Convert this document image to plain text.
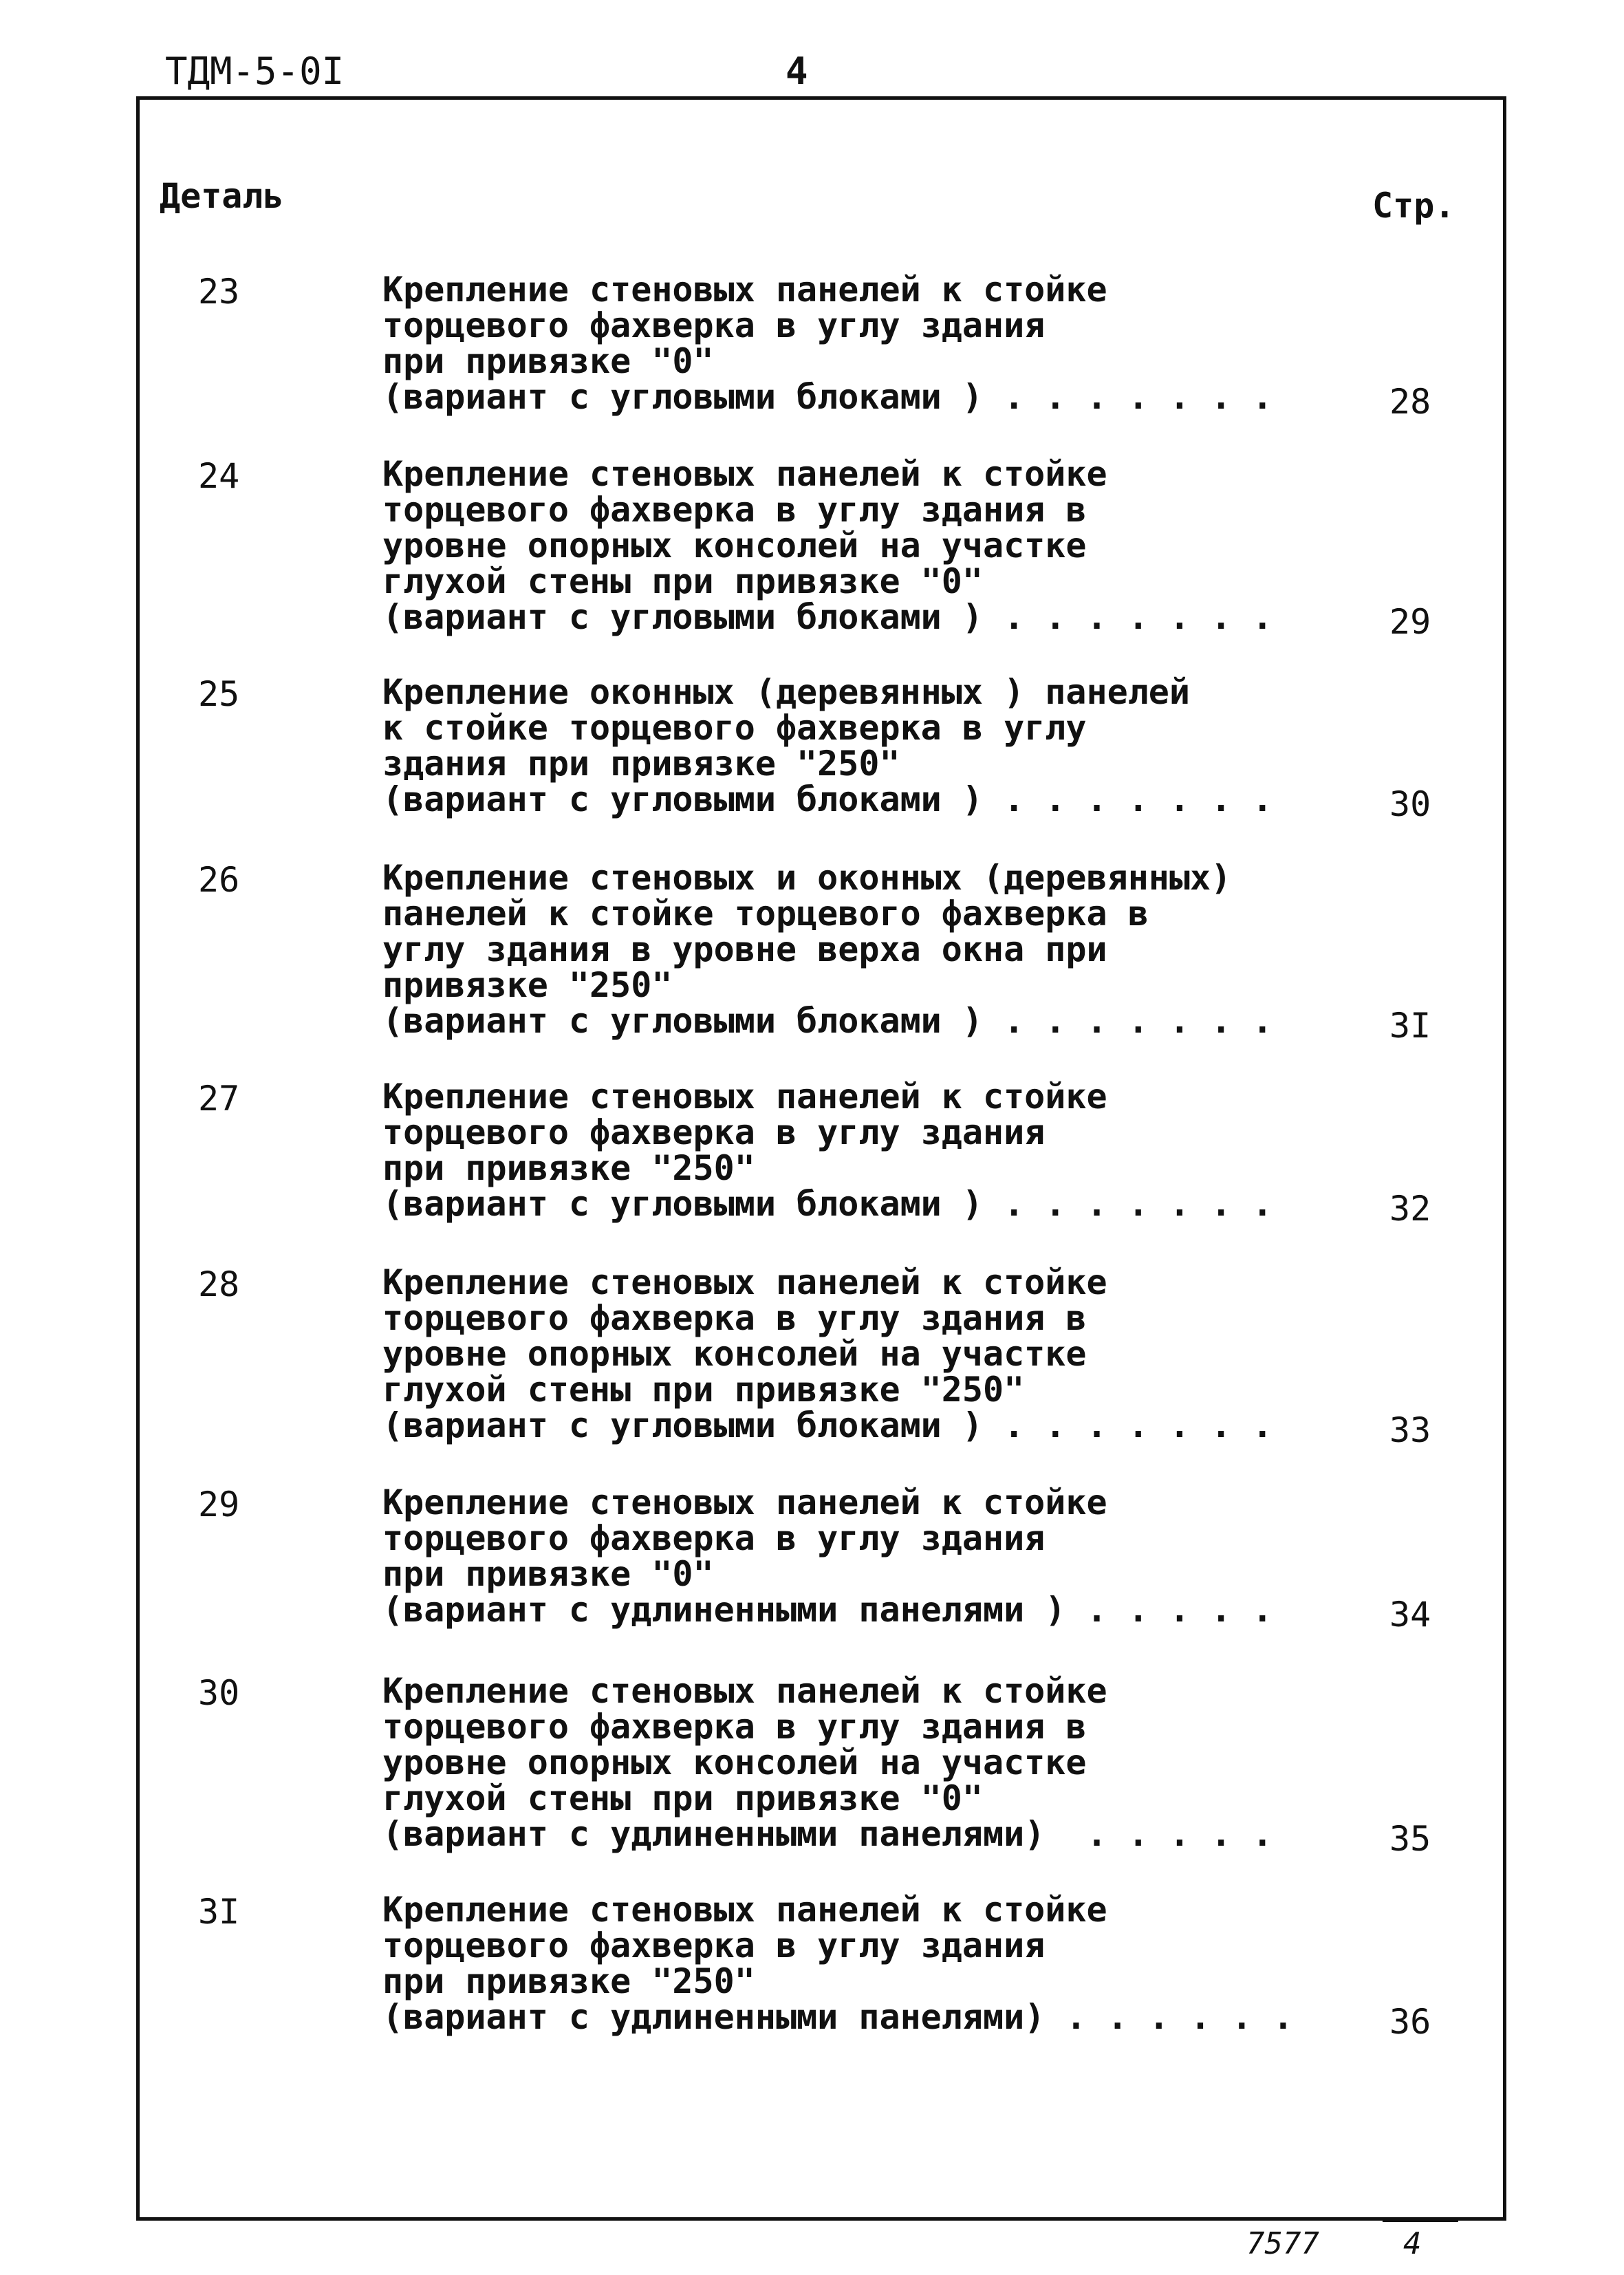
ТДМ-5-0I	4
Деталь	Стр.
23	Крепление стеновых панелей к стойке
торцевого фахверка в углу здания
при привязке "0"
(вариант с угловыми блоками ) . . . . . . .	28
24	Крепление стеновых панелей к стойке
торцевого фахверка в углу здания в
уровне опорных консолей на участке
глухой стены при привязке "0"
(вариант с угловыми блоками ) . . . . . . .	29
25	Крепление оконных (деревянных ) панелей
к стойке торцевого фахверка в углу
здания при привязке "250"
(вариант с угловыми блоками ) . . . . . . .	30
26	Крепление стеновых и оконных (деревянных)
панелей к стойке торцевого фахверка в
углу здания в уровне верха окна при
привязке "250"
(вариант с угловыми блоками ) . . . . . . .	3I
27	Крепление стеновых панелей к стойке
торцевого фахверка в углу здания
при привязке "250"
(вариант с угловыми блоками ) . . . . . . .	32
28	Крепление стеновых панелей к стойке
торцевого фахверка в углу здания в
уровне опорных консолей на участке
глухой стены при привязке "250"
(вариант с угловыми блоками ) . . . . . . .	33
29	Крепление стеновых панелей к стойке
торцевого фахверка в углу здания
при привязке "0"
(вариант с удлиненными панелями ) . . . . .	34
30	Крепление стеновых панелей к стойке
торцевого фахверка в углу здания в
уровне опорных консолей на участке
глухой стены при привязке "0"
(вариант с удлиненными панелями)  . . . . .	35
3I	Крепление стеновых панелей к стойке
торцевого фахверка в углу здания
при привязке "250"
(вариант с удлиненными панелями) . . . . . .	36
7577	4
